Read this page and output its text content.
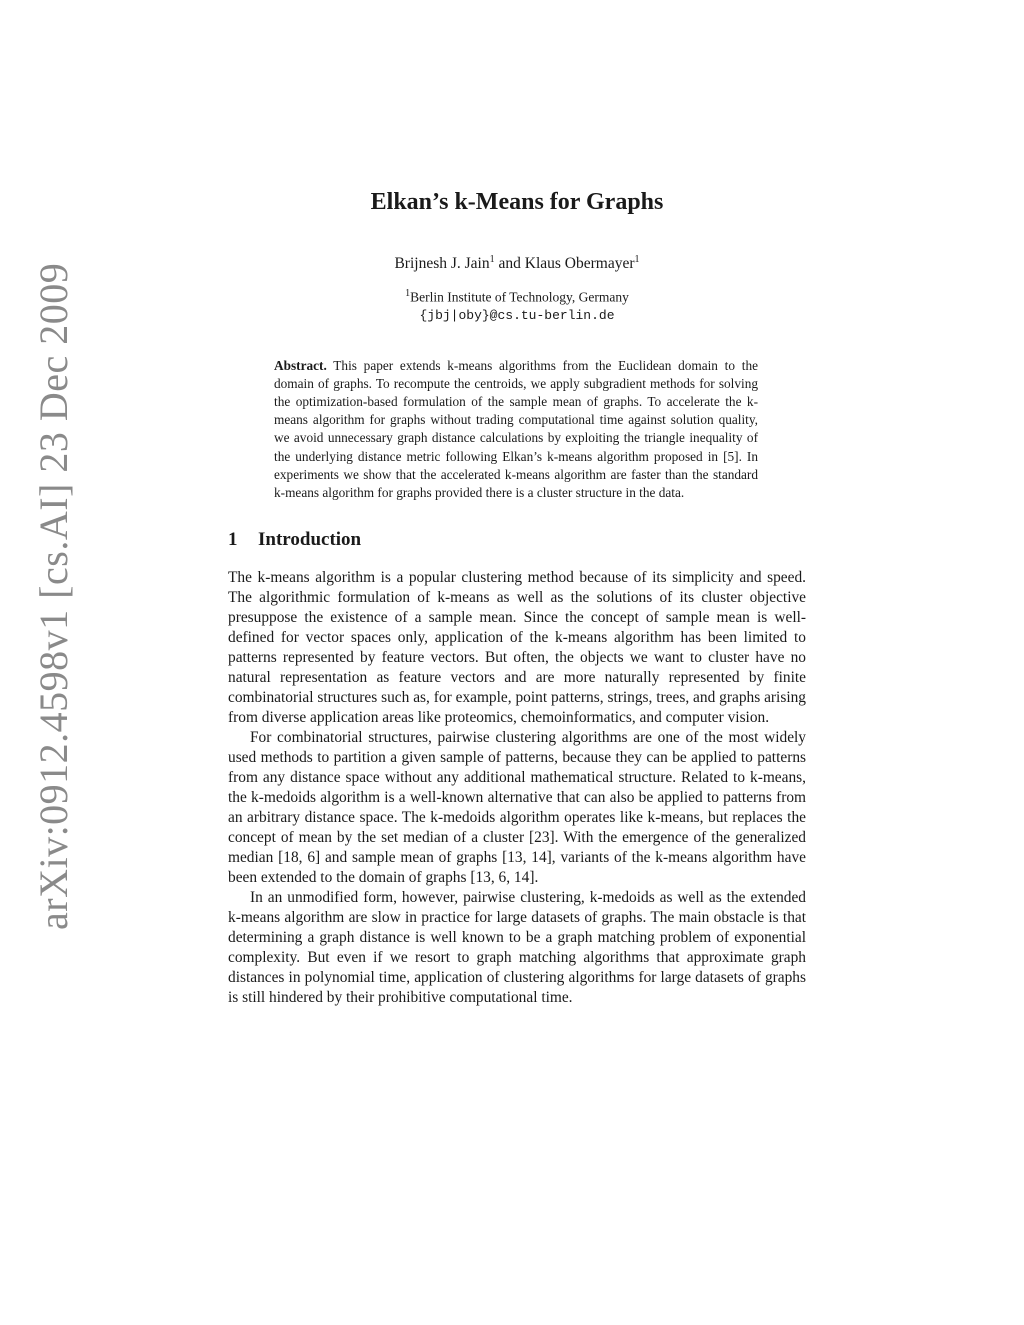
arXiv:0912.4598v1 [cs.AI] 23 Dec 2009
Elkan’s k-Means for Graphs
Brijnesh J. Jain$^1$ and Klaus Obermayer$^1$
$^1$Berlin Institute of Technology, Germany
{jbj|oby}@cs.tu-berlin.de
Abstract. This paper extends k-means algorithms from the Euclidean domain to the domain of graphs. To recompute the centroids, we apply subgradient methods for solving the optimization-based formulation of the sample mean of graphs. To accelerate the k-means algorithm for graphs without trading computational time against solution quality, we avoid unnecessary graph distance calculations by exploiting the triangle inequality of the underlying distance metric following Elkan’s k-means algorithm proposed in [5]. In experiments we show that the accelerated k-means algorithm are faster than the standard k-means algorithm for graphs provided there is a cluster structure in the data.
1 Introduction

The k-means algorithm is a popular clustering method because of its simplicity and speed. The algorithmic formulation of k-means as well as the solutions of its cluster objective presuppose the existence of a sample mean. Since the concept of sample mean is well-defined for vector spaces only, application of the k-means algorithm has been limited to patterns represented by feature vectors. But often, the objects we want to cluster have no natural representation as feature vectors and are more naturally represented by finite combinatorial structures such as, for example, point patterns, strings, trees, and graphs arising from diverse application areas like proteomics, chemoinformatics, and computer vision.

For combinatorial structures, pairwise clustering algorithms are one of the most widely used methods to partition a given sample of patterns, because they can be applied to patterns from any distance space without any additional mathematical structure. Related to k-means, the k-medoids algorithm is a well-known alternative that can also be applied to patterns from an arbitrary distance space. The k-medoids algorithm operates like k-means, but replaces the concept of mean by the set median of a cluster [23]. With the emergence of the generalized median [18, 6] and sample mean of graphs [13, 14], variants of the k-means algorithm have been extended to the domain of graphs [13, 6, 14].

In an unmodified form, however, pairwise clustering, k-medoids as well as the extended k-means algorithm are slow in practice for large datasets of graphs. The main obstacle is that determining a graph distance is well known to be a graph matching problem of exponential complexity. But even if we resort to graph matching algorithms that approximate graph distances in polynomial time, application of clustering algorithms for large datasets of graphs is still hindered by their prohibitive computational time.
